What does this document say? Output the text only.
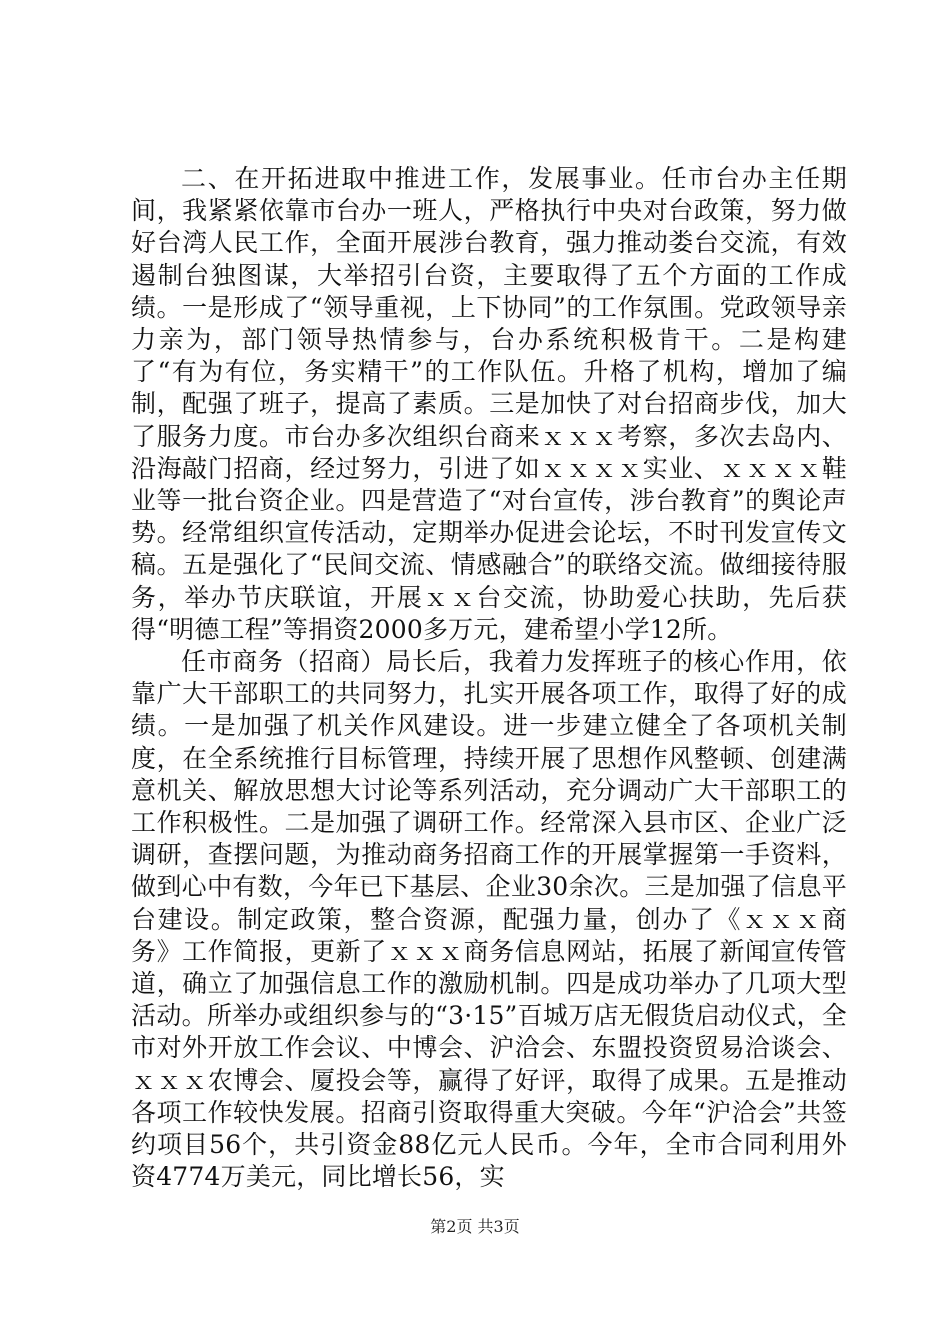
二、在开拓进取中推进工作，发展事业。任市台办主任期间，我紧紧依靠市台办一班人，严格执行中央对台政策，努力做好台湾人民工作，全面开展涉台教育，强力推动娄台交流，有效遏制台独图谋，大举招引台资，主要取得了五个方面的工作成绩。一是形成了“领导重视，上下协同”的工作氛围。党政领导亲力亲为，部门领导热情参与，台办系统积极肯干。二是构建了“有为有位，务实精干”的工作队伍。升格了机构，增加了编制，配强了班子，提高了素质。三是加快了对台招商步伐，加大了服务力度。市台办多次组织台商来ｘｘｘ考察，多次去岛内、沿海敲门招商，经过努力，引进了如ｘｘｘｘ实业、ｘｘｘｘ鞋业等一批台资企业。四是营造了“对台宣传，涉台教育”的舆论声势。经常组织宣传活动，定期举办促进会论坛，不时刊发宣传文稿。五是强化了“民间交流、情感融合”的联络交流。做细接待服务，举办节庆联谊，开展ｘｘ台交流，协助爱心扶助，先后获得“明德工程”等捐资2000多万元，建希望小学12所。

任市商务（招商）局长后，我着力发挥班子的核心作用，依靠广大干部职工的共同努力，扎实开展各项工作，取得了好的成绩。一是加强了机关作风建设。进一步建立健全了各项机关制度，在全系统推行目标管理，持续开展了思想作风整顿、创建满意机关、解放思想大讨论等系列活动，充分调动广大干部职工的工作积极性。二是加强了调研工作。经常深入县市区、企业广泛调研，查摆问题，为推动商务招商工作的开展掌握第一手资料，做到心中有数，今年已下基层、企业30余次。三是加强了信息平台建设。制定政策，整合资源，配强力量，创办了《ｘｘｘ商务》工作简报，更新了ｘｘｘ商务信息网站，拓展了新闻宣传管道，确立了加强信息工作的激励机制。四是成功举办了几项大型活动。所举办或组织参与的“3·15”百城万店无假货启动仪式，全市对外开放工作会议、中博会、沪洽会、东盟投资贸易洽谈会、ｘｘｘ农博会、厦投会等，赢得了好评，取得了成果。五是推动各项工作较快发展。招商引资取得重大突破。今年“沪洽会”共签约项目56个，共引资金88亿元人民币。今年，全市合同利用外资4774万美元，同比增长56，实

第2页 共3页
